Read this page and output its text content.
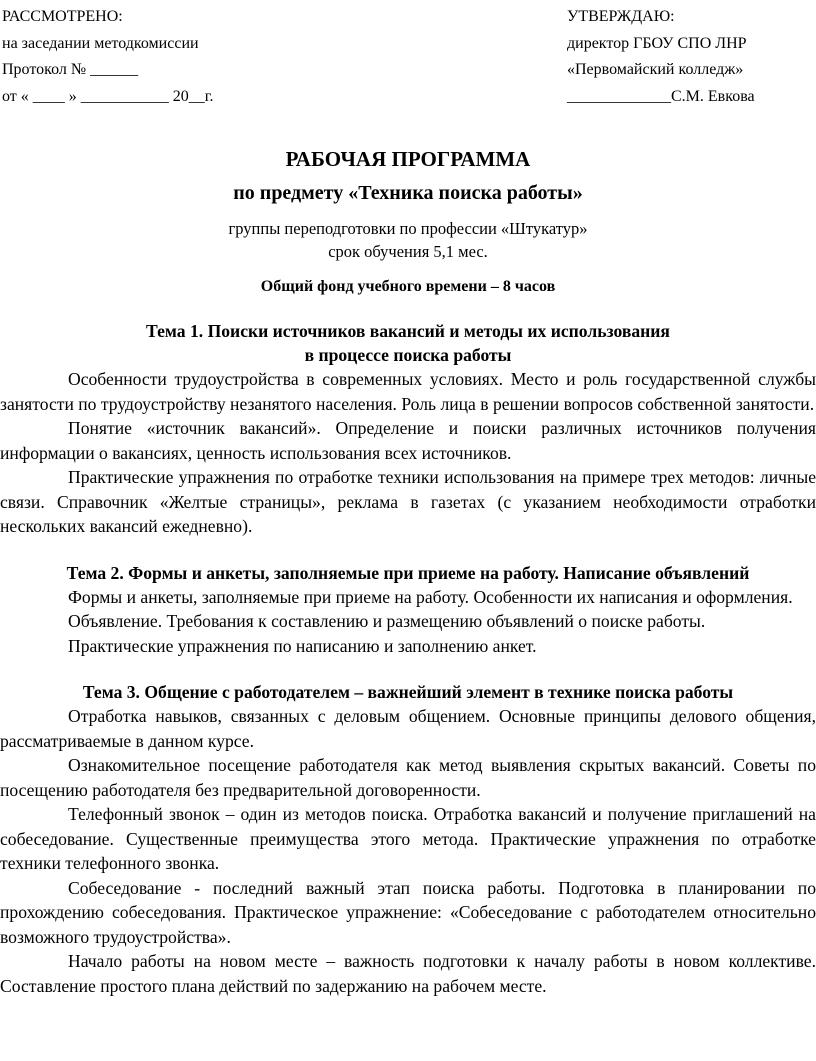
РАССМОТРЕНО:
на заседании методкомиссии
Протокол № ______
от « ____ » ___________ 20__г.
УТВЕРЖДАЮ:
директор ГБОУ СПО ЛНР
«Первомайский колледж»
_____________С.М. Евкова
РАБОЧАЯ ПРОГРАММА
по предмету «Техника поиска работы»
группы переподготовки по профессии «Штукатур»
срок обучения 5,1 мес.
Общий фонд учебного времени – 8 часов
Тема 1. Поиски источников вакансий и методы их использования
в процессе поиска работы

Особенности трудоустройства в современных условиях. Место и роль государственной службы занятости по трудоустройству незанятого населения. Роль лица в решении вопросов собственной занятости.

Понятие «источник вакансий». Определение и поиски различных источников получения информации о вакансиях, ценность использования всех источников.

Практические упражнения по отработке техники использования на примере трех методов: личные связи. Справочник «Желтые страницы», реклама в газетах (с указанием необходимости отработки нескольких вакансий ежедневно).

Тема 2. Формы и анкеты, заполняемые при приеме на работу. Написание объявлений

Формы и анкеты, заполняемые при приеме на работу. Особенности их написания и оформления.

Объявление. Требования к составлению и размещению объявлений о поиске работы.

Практические упражнения по написанию и заполнению анкет.

Тема 3. Общение с работодателем – важнейший элемент в технике поиска работы

Отработка навыков, связанных с деловым общением. Основные принципы делового общения, рассматриваемые в данном курсе.

Ознакомительное посещение работодателя как метод выявления скрытых вакансий. Советы по посещению работодателя без предварительной договоренности.

Телефонный звонок – один из методов поиска. Отработка вакансий и получение приглашений на собеседование. Существенные преимущества этого метода. Практические упражнения по отработке техники телефонного звонка.

Собеседование - последний важный этап поиска работы. Подготовка в планировании по прохождению собеседования. Практическое упражнение: «Собеседование с работодателем относительно возможного трудоустройства».

Начало работы на новом месте – важность подготовки к началу работы в новом коллективе. Составление простого плана действий по задержанию на рабочем месте.
